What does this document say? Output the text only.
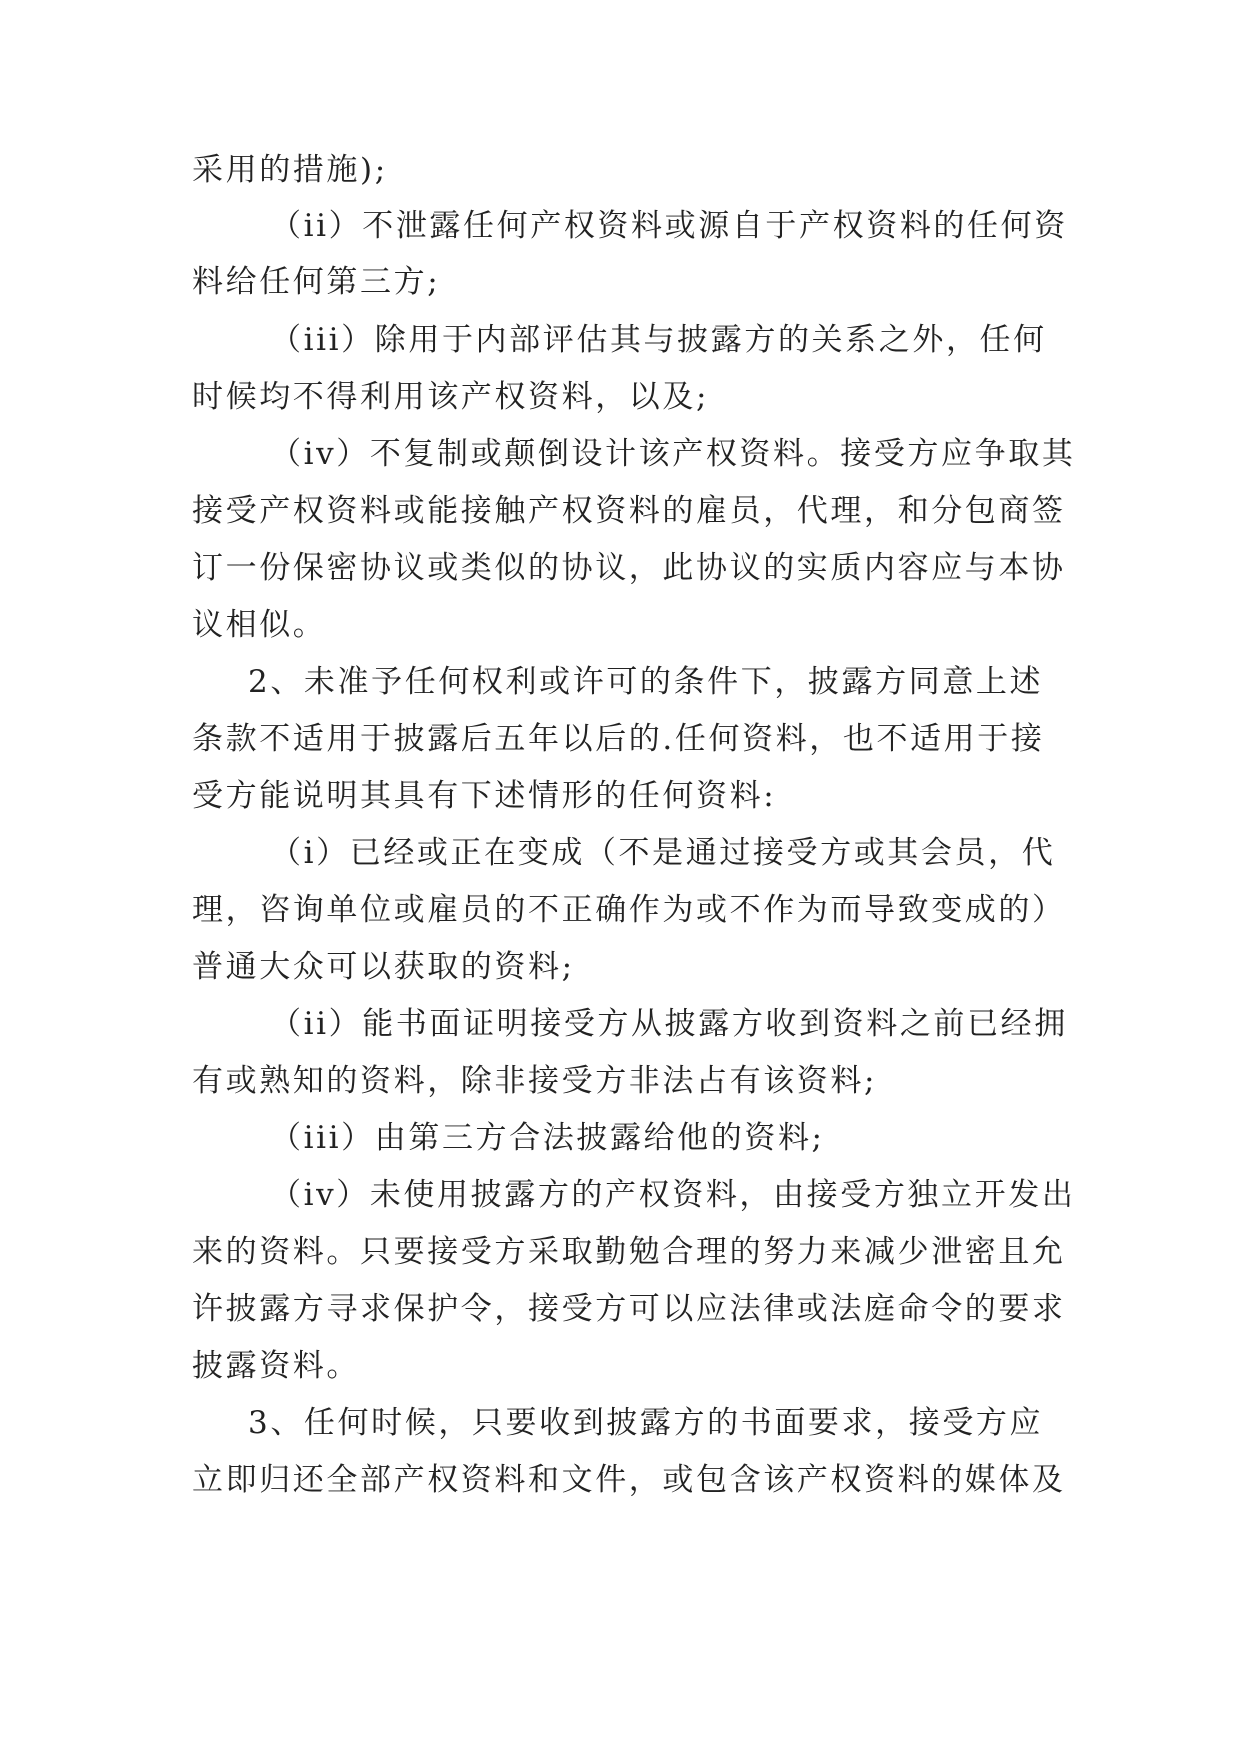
采用的措施);
（ii）不泄露任何产权资料或源自于产权资料的任何资
料给任何第三方;
（iii）除用于内部评估其与披露方的关系之外，任何
时候均不得利用该产权资料，以及;
（iv）不复制或颠倒设计该产权资料。接受方应争取其
接受产权资料或能接触产权资料的雇员，代理，和分包商签
订一份保密协议或类似的协议，此协议的实质内容应与本协
议相似。
2、未准予任何权利或许可的条件下，披露方同意上述
条款不适用于披露后五年以后的.任何资料，也不适用于接
受方能说明其具有下述情形的任何资料:
（i）已经或正在变成（不是通过接受方或其会员，代
理，咨询单位或雇员的不正确作为或不作为而导致变成的）
普通大众可以获取的资料;
（ii）能书面证明接受方从披露方收到资料之前已经拥
有或熟知的资料，除非接受方非法占有该资料;
（iii）由第三方合法披露给他的资料;
（iv）未使用披露方的产权资料，由接受方独立开发出
来的资料。只要接受方采取勤勉合理的努力来减少泄密且允
许披露方寻求保护令，接受方可以应法律或法庭命令的要求
披露资料。
3、任何时候，只要收到披露方的书面要求，接受方应
立即归还全部产权资料和文件，或包含该产权资料的媒体及
